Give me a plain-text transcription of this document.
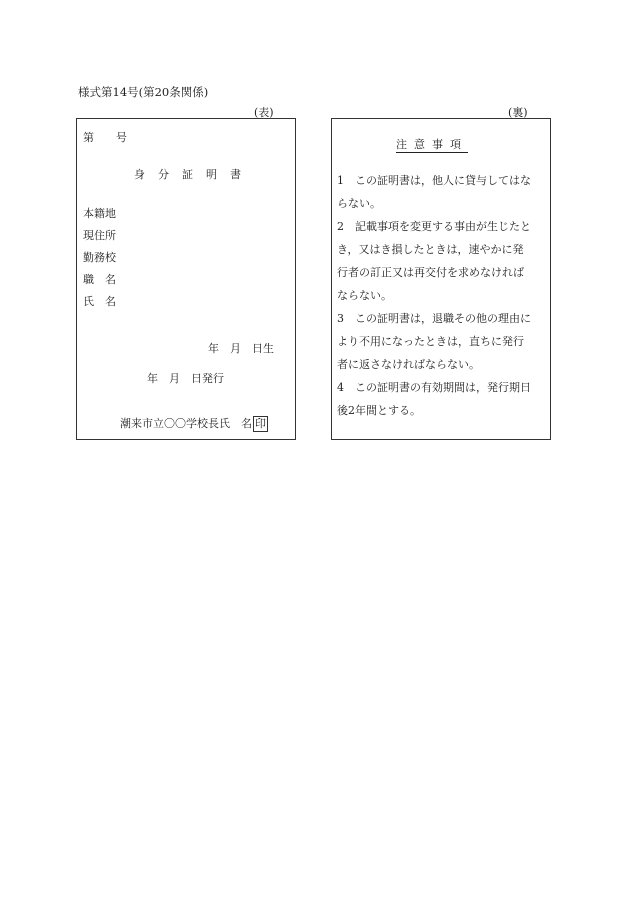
様式第14号(第20条関係)
(表)	(裏)
第　　号
身　分　証　明　書
本籍地
現住所
勤務校
職　名
氏　名
年　月　日生
年　月　日発行
潮来市立〇〇学校長氏　名 印
注意事項
1　この証明書は，他人に貸与してはな
らない。
2　記載事項を変更する事由が生じたと
き，又はき損したときは，速やかに発
行者の訂正又は再交付を求めなければ
ならない。
3　この証明書は，退職その他の理由に
より不用になったときは，直ちに発行
者に返さなければならない。
4　この証明書の有効期間は，発行期日
後2年間とする。
